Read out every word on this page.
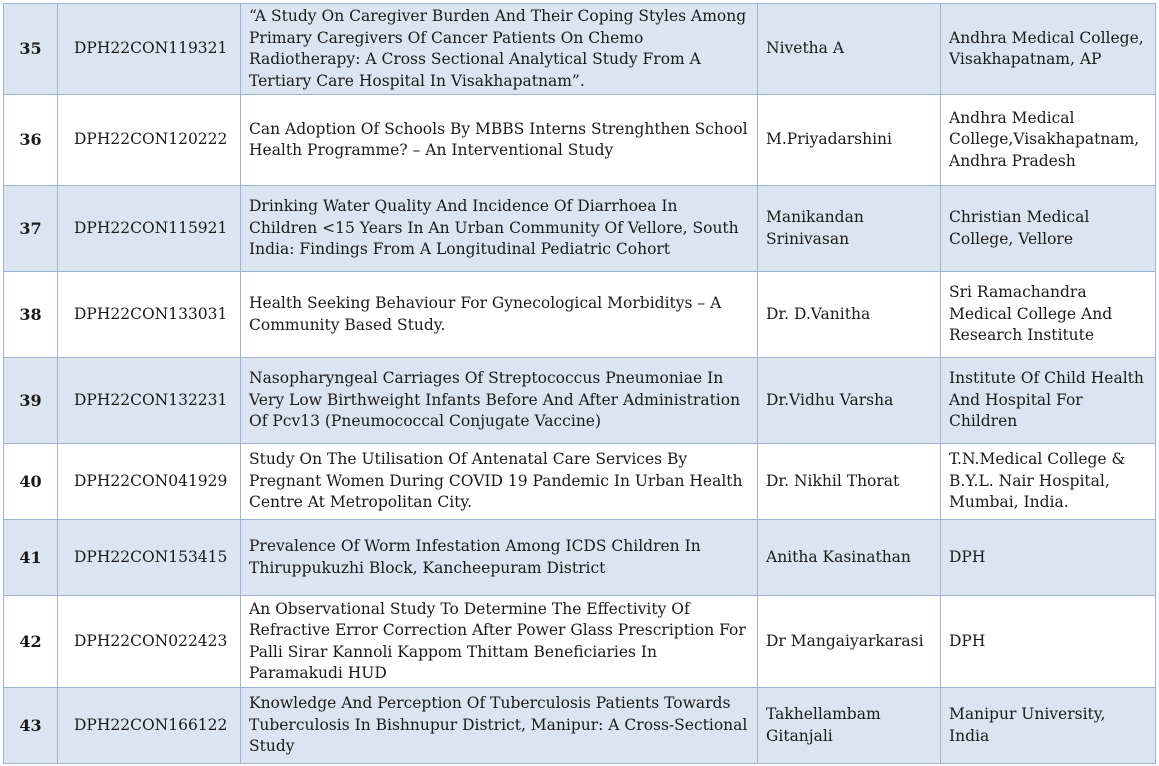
35	DPH22CON119321	“A Study On Caregiver Burden And Their Coping Styles Among Primary Caregivers Of Cancer Patients On Chemo Radiotherapy: A Cross Sectional Analytical Study From A Tertiary Care Hospital In Visakhapatnam”.	Nivetha A	Andhra Medical College, Visakhapatnam, AP
36	DPH22CON120222	Can Adoption Of Schools By MBBS Interns Strenghthen School Health Programme? – An Interventional Study	M.Priyadarshini	Andhra Medical College,Visakhapatnam, Andhra Pradesh
37	DPH22CON115921	Drinking Water Quality And Incidence Of Diarrhoea In Children <15 Years In An Urban Community Of Vellore, South India: Findings From A Longitudinal Pediatric Cohort	Manikandan Srinivasan	Christian Medical College, Vellore
38	DPH22CON133031	Health Seeking Behaviour For Gynecological Morbiditys – A Community Based Study.	Dr. D.Vanitha	Sri Ramachandra Medical College And Research Institute
39	DPH22CON132231	Nasopharyngeal Carriages Of Streptococcus Pneumoniae In Very Low Birthweight Infants Before And After Administration Of Pcv13 (Pneumococcal Conjugate Vaccine)	Dr.Vidhu Varsha	Institute Of Child Health And Hospital For Children
40	DPH22CON041929	Study On The Utilisation Of Antenatal Care Services By Pregnant Women During COVID 19 Pandemic In Urban Health Centre At Metropolitan City.	Dr. Nikhil Thorat	T.N.Medical College & B.Y.L. Nair Hospital, Mumbai, India.
41	DPH22CON153415	Prevalence Of Worm Infestation Among ICDS Children In Thiruppukuzhi Block, Kancheepuram District	Anitha Kasinathan	DPH
42	DPH22CON022423	An Observational Study To Determine The Effectivity Of Refractive Error Correction After Power Glass Prescription For Palli Sirar Kannoli Kappom Thittam Beneficiaries In Paramakudi HUD	Dr Mangaiyarkarasi	DPH
43	DPH22CON166122	Knowledge And Perception Of Tuberculosis Patients Towards Tuberculosis In Bishnupur District, Manipur: A Cross-Sectional Study	Takhellambam Gitanjali	Manipur University, India
